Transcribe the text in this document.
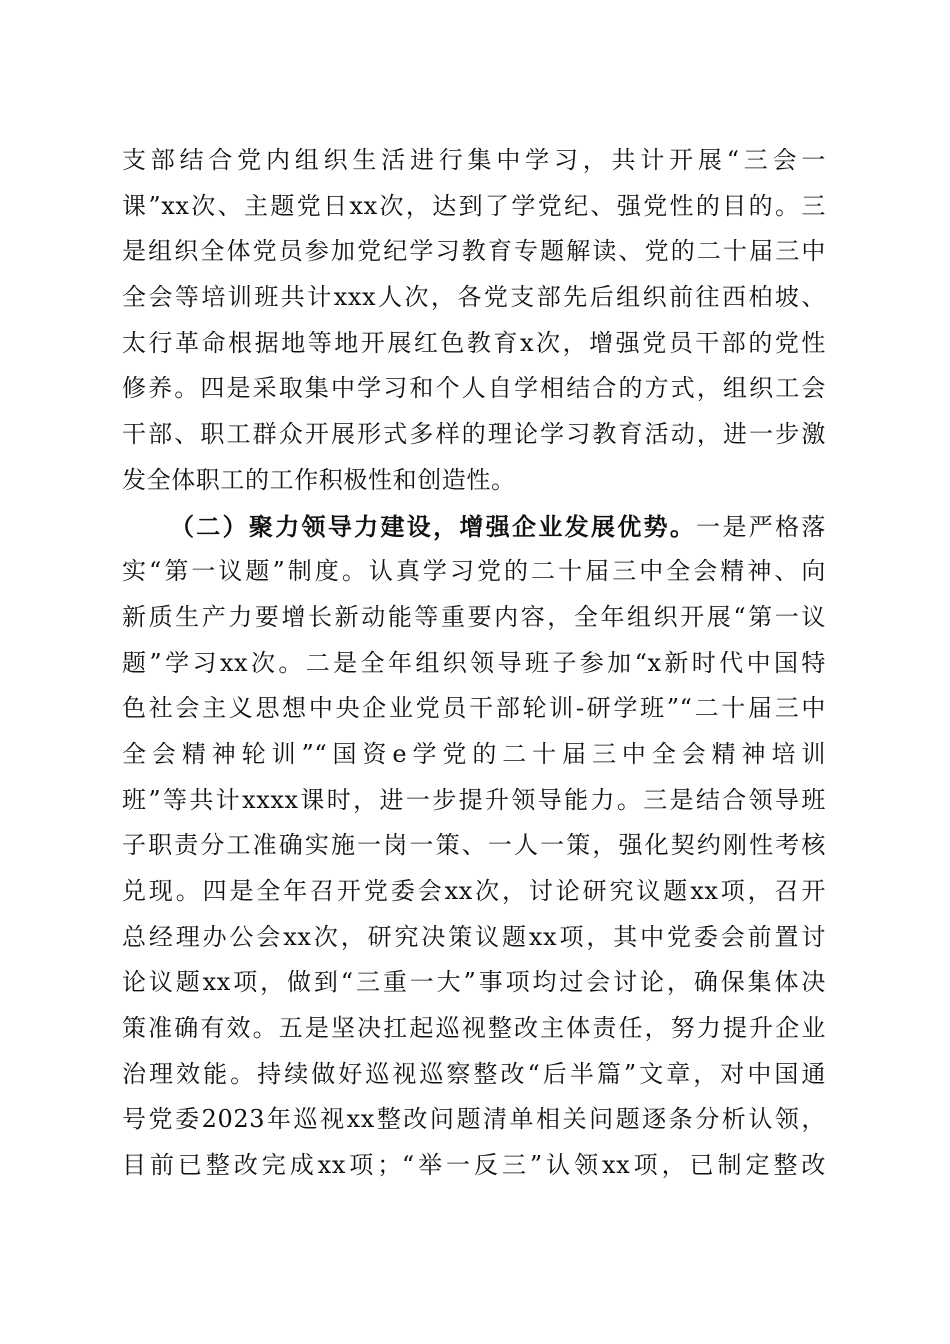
支部结合党内组织生活进行集中学习，共计开展“三会一
课”xx次、主题党日xx次，达到了学党纪、强党性的目的。三
是组织全体党员参加党纪学习教育专题解读、党的二十届三中
全会等培训班共计xxx人次，各党支部先后组织前往西柏坡、
太行革命根据地等地开展红色教育x次，增强党员干部的党性
修养。四是采取集中学习和个人自学相结合的方式，组织工会
干部、职工群众开展形式多样的理论学习教育活动，进一步激
发全体职工的工作积极性和创造性。
（二）聚力领导力建设，增强企业发展优势。一是严格落
实“第一议题”制度。认真学习党的二十届三中全会精神、向
新质生产力要增长新动能等重要内容，全年组织开展“第一议
题”学习xx次。二是全年组织领导班子参加“x新时代中国特
色社会主义思想中央企业党员干部轮训-研学班”“二十届三中
全会精神轮训”“国资e学党的二十届三中全会精神培训
班”等共计xxxx课时，进一步提升领导能力。三是结合领导班
子职责分工准确实施一岗一策、一人一策，强化契约刚性考核
兑现。四是全年召开党委会xx次，讨论研究议题xx项，召开
总经理办公会xx次，研究决策议题xx项，其中党委会前置讨
论议题xx项，做到“三重一大”事项均过会讨论，确保集体决
策准确有效。五是坚决扛起巡视整改主体责任，努力提升企业
治理效能。持续做好巡视巡察整改“后半篇”文章，对中国通
号党委2023年巡视xx整改问题清单相关问题逐条分析认领，
目前已整改完成xx项；“举一反三”认领xx项，已制定整改
